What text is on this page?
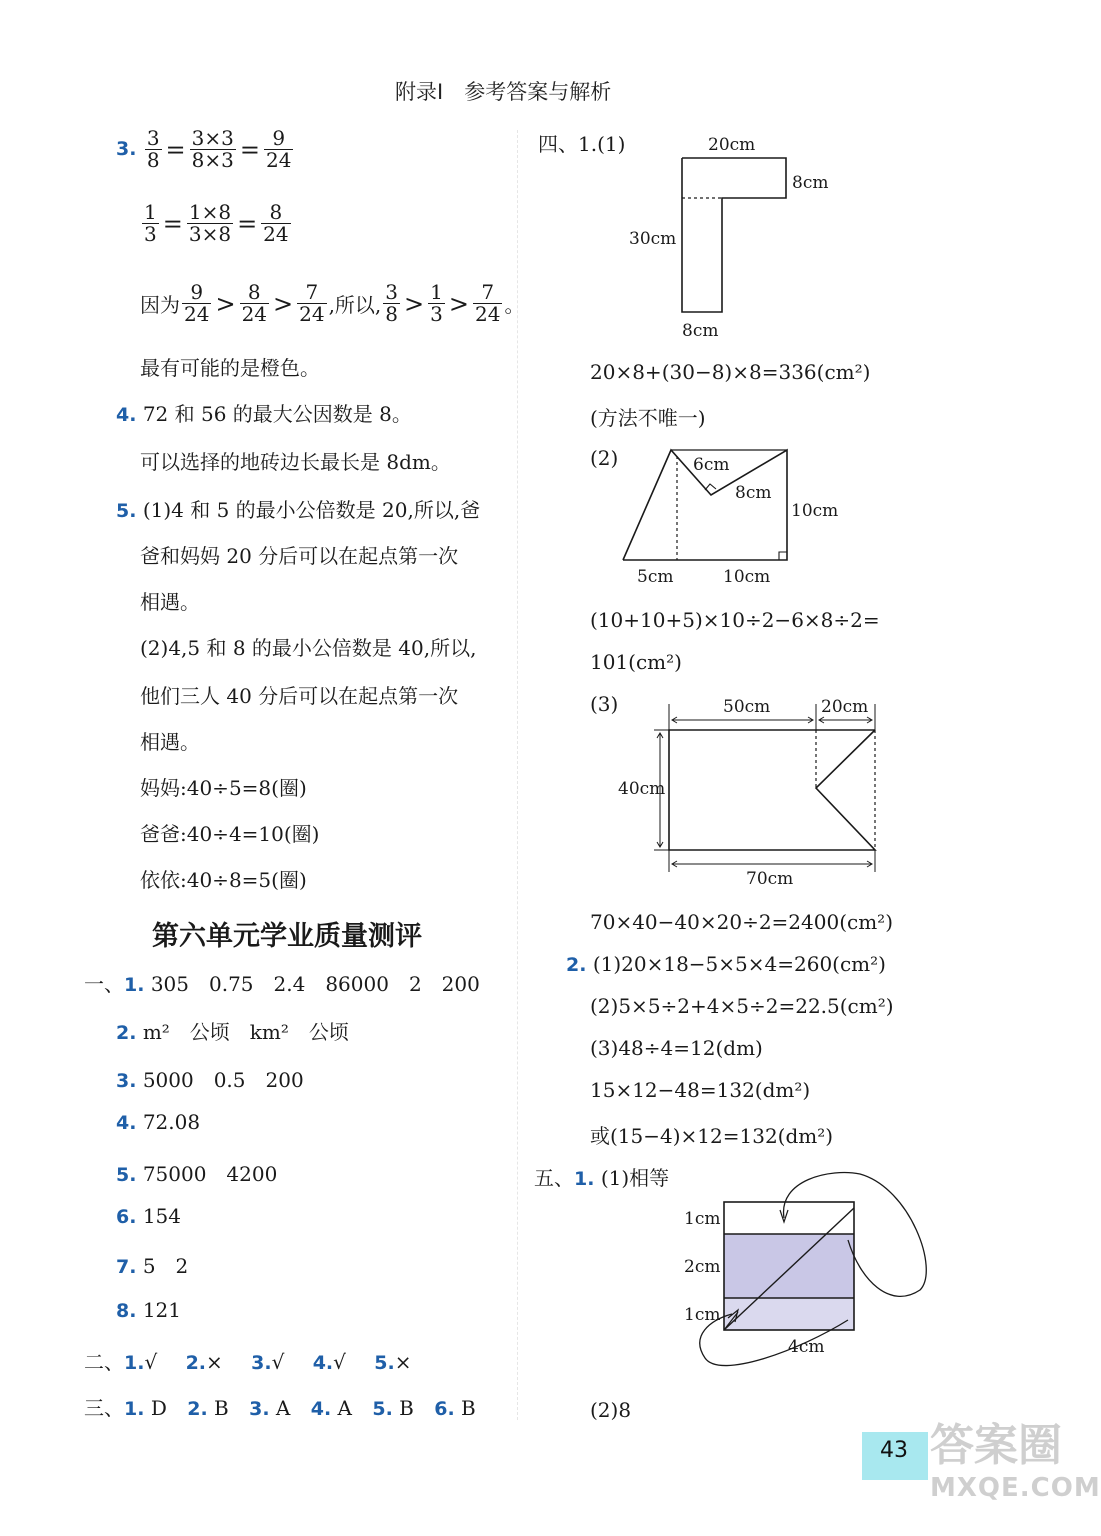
附录Ⅰ　参考答案与解析
3. $\frac{3}{8} = \frac{3\times 3}{8\times 3} = \frac{9}{24}$
$\frac{1}{3} = \frac{1\times 8}{3\times 8} = \frac{8}{24}$
因为 $\frac{9}{24} > \frac{8}{24} > \frac{7}{24}$ ,所以, $\frac{3}{8} > \frac{1}{3} > \frac{7}{24}$ 。
最有可能的是橙色。
4. 72 和 56 的最大公因数是 8。
可以选择的地砖边长最长是 8dm。
5. (1)4 和 5 的最小公倍数是 20,所以,爸
爸和妈妈 20 分后可以在起点第一次
相遇。
(2)4,5 和 8 的最小公倍数是 40,所以,
他们三人 40 分后可以在起点第一次
相遇。
妈妈:40÷5=8(圈)
爸爸:40÷4=10(圈)
依依:40÷8=5(圈)
第六单元学业质量测评
一、1. 305　0.75　2.4　86000　2　200
2. m²　公顷　km²　公顷
3. 5000　0.5　200
4. 72.08
5. 75000　4200
6. 154
7. 5　2
8. 121
二、1.√ 2.× 3.√ 4.√ 5.×
三、1. D 2. B 3. A 4. A 5. B 6. B
四、1.(1)	20cm
8cm
30cm
8cm
20×8+(30−8)×8=336(cm²)
(方法不唯一)
(2)	6cm
8cm
10cm
5cm	10cm
(10+10+5)×10÷2−6×8÷2=
101(cm²)
(3)	50cm	20cm
40cm
70cm
70×40−40×20÷2=2400(cm²)
2. (1)20×18−5×5×4=260(cm²)
(2)5×5÷2+4×5÷2=22.5(cm²)
(3)48÷4=12(dm)
15×12−48=132(dm²)
或(15−4)×12=132(dm²)
五、1. (1)相等
1cm
2cm
1cm
4cm
(2)8
43 答案圈
MXQE.COM
